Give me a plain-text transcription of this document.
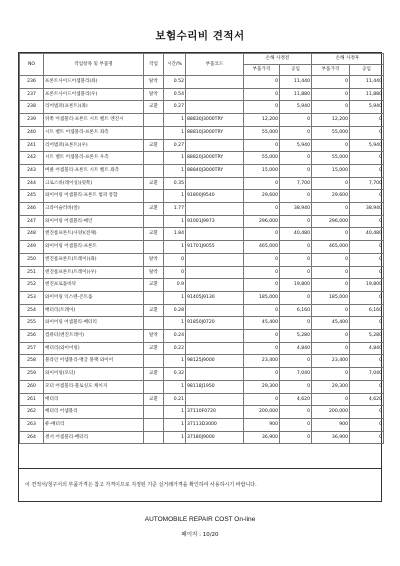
보험수리비 견적서
NO	작업항목 및 부품명	작업	시간/%	부품코드	손해 사정전		손해 사정후	
					부품가격	공임	부품가격	공임
236	프론트사이드어셈블리(좌)	탈착	0.52		0	11,440	0	11,440
237	프론트사이드어셈블리(우)	탈착	0.54		0	11,880	0	11,880
238	리어범퍼(프론트)(좌)	교환	0.27		0	5,940	0	5,940
239	뒤쪽 어셈블리-프론트 시트 벨트 엔진시		1	88830J3000TRY	12,200	0	12,200	0
240	시트 벨트 어셈블리-프론트 좌측		1	88810J3000TRY	55,000	0	55,000	0
241	리어범퍼(프론트)(우)	교환	0.27		0	5,940	0	5,940
242	시트 벨트 어셈블리-프론트 우측		1	88820J3000TRY	55,000	0	55,000	0
243	버클 어셈블리-프론트 시트 벨트 좌측		1	88840J3000TRY	15,000	0	15,000	0
244	크로스바(레이싱)(뒷쪽)	교환	0.35		0	7,700	0	7,700
245	와이어링 어셈블리-프론트 범퍼 통합		1	91800J9540	29,600	0	29,600	0
246	크라이슬러바(앞)	교환	1.77		0	38,940	0	38,940
247	와이어링 어셈블리-메인		1	91001J9973	296,000	0	296,000	0
248	엔진룸프론트(사양)(전체)	교환	1.84		0	40,480	0	40,480
249	와이어링 어셈블리-프론트		1	91701J9055	465,000	0	465,000	0
250	엔진룸프론트(트레이)(좌)	탈착	0		0	0	0	0
251	엔진룸프론트(트레이)(우)	탈착	0		0	0	0	0
252	엔진프로틀바닥	교환	0.9		0	19,800	0	19,800
253	와이어링 익스텐-콘트롤		1	91405J9130	185,000	0	185,000	0
254	배터리(트레이)	교환	0.28		0	6,160	0	6,160
255	와이어링 어셈블리-배터리		1	91850J0720	45,400	0	45,400	0
256	컴퓨터(엔진트레이)	탈착	0.24		0	5,280	0	5,280
257	배터리(와이어링)	교환	0.22		0	4,840	0	4,840
258	블라인 어셈블리-앵글 블랙 와이어		1	98125J9000	23,400	0	23,400	0
259	와이어링(모터)	교환	0.32		0	7,040	0	7,040
260	모터 어셈블리-블로싱도 케이지		1	98118J1950	29,300	0	29,300	0
261	배터리	교환	0.21		0	4,620	0	4,620
262	배터리 어셈블리		1	37110F0720	200,000	0	200,000	0
263	퓨-배터리		1	37113D3000	900	0	900	0
264	센서 어셈블리-배터리		1	37180J9000	36,900	0	36,900	0
이 견적서/청구서의 부품가격은 참고 가격이므로 지정된 기준 실거래가격을 확인하여 사용하시기 바랍니다.
AUTOMOBILE REPAIR COST On-line
페이지 : 10/20
